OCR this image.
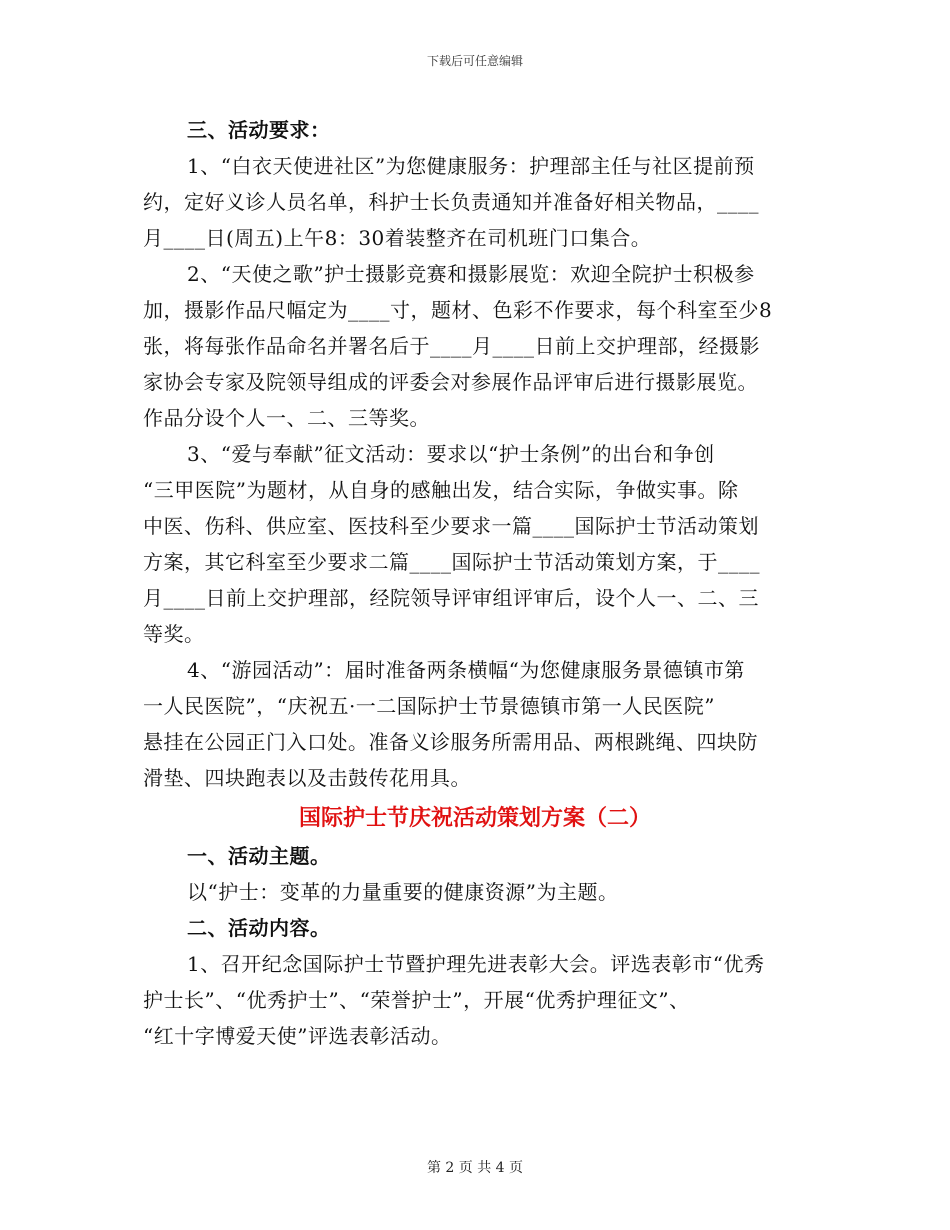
下载后可任意编辑
三、活动要求：
1、“白衣天使进社区”为您健康服务：护理部主任与社区提前预
约，定好义诊人员名单，科护士长负责通知并准备好相关物品，____
月____日(周五)上午8：30着装整齐在司机班门口集合。
2、“天使之歌”护士摄影竞赛和摄影展览：欢迎全院护士积极参
加，摄影作品尺幅定为____寸，题材、色彩不作要求，每个科室至少8
张，将每张作品命名并署名后于____月____日前上交护理部，经摄影
家协会专家及院领导组成的评委会对参展作品评审后进行摄影展览。
作品分设个人一、二、三等奖。
3、“爱与奉献”征文活动：要求以“护士条例”的出台和争创
“三甲医院”为题材，从自身的感触出发，结合实际，争做实事。除
中医、伤科、供应室、医技科至少要求一篇____国际护士节活动策划
方案，其它科室至少要求二篇____国际护士节活动策划方案，于____
月____日前上交护理部，经院领导评审组评审后，设个人一、二、三
等奖。
4、“游园活动”：届时准备两条横幅“为您健康服务景德镇市第
一人民医院”，“庆祝五·一二国际护士节景德镇市第一人民医院”
悬挂在公园正门入口处。准备义诊服务所需用品、两根跳绳、四块防
滑垫、四块跑表以及击鼓传花用具。
国际护士节庆祝活动策划方案（二）
一、活动主题。
以“护士：变革的力量重要的健康资源”为主题。
二、活动内容。
1、召开纪念国际护士节暨护理先进表彰大会。评选表彰市“优秀
护士长”、“优秀护士”、“荣誉护士”，开展“优秀护理征文”、
“红十字博爱天使”评选表彰活动。
第 2 页 共 4 页
